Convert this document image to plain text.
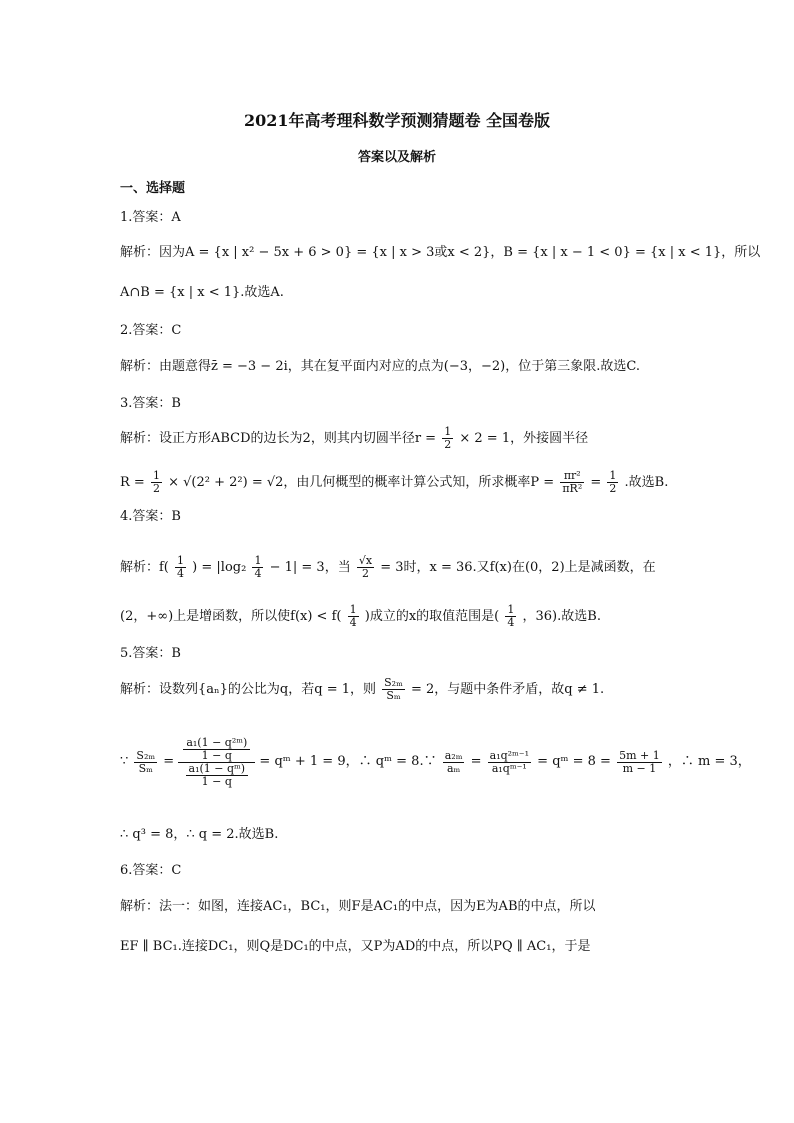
2021年高考理科数学预测猜题卷 全国卷版
答案以及解析
一、选择题
1.答案：A
解析：因为A = {x | x² − 5x + 6 > 0} = {x | x > 3或x < 2}，B = {x | x − 1 < 0} = {x | x < 1}，所以
A∩B = {x | x < 1}.故选A.
2.答案：C
解析：由题意得z̄ = −3 − 2i，其在复平面内对应的点为(−3，−2)，位于第三象限.故选C.
3.答案：B
解析：设正方形ABCD的边长为2，则其内切圆半径$r = \frac{1}{2} \times 2 = 1$，外接圆半径
$R = \frac{1}{2} \times √(2^2 + 2^2) = √2$，由几何概型的概率计算公式知，所求概率$P = \frac{\text{πr²}}{\text{πR²}} = \frac{1}{2}$ .故选B.
4.答案：B
解析：$f( \frac{1}{4}$ ) = $|\log_2 \frac{1}{4} - 1| = 3$，当 $\frac{√x}{2} = 3$时，x = 36.又f(x)在(0，2)上是减函数，在
(2，+∞)上是增函数，所以使$f(x) < f( \frac{1}{4}$ )成立的x的取值范围是( $\frac{1}{4}$ ，36).故选B.
5.答案：B
解析：设数列{aₙ}的公比为q，若q = 1，则 $\frac{\text{S₂ₘ}}{\text{Sₘ}} = 2$，与题中条件矛盾，故q ≠ 1.
∵ $\frac{\text{S₂ₘ}}{\text{Sₘ}} = \frac{\frac{\text{a₁(1 − q²ᵐ)}}{1 - q}}{\frac{\text{a₁(1 − qᵐ)}}{1 - q}}$ = qᵐ + 1 = 9，∴ qᵐ = 8.∵ $\frac{\text{a₂ₘ}}{\text{aₘ}} = \frac{\text{a₁q²ᵐ⁻¹}}{\text{a₁qᵐ⁻¹}}$ = qᵐ = $8 = \frac{5m + 1}{m - 1}$ ，∴ m = 3，
∴ q³ = 8，∴ q = 2.故选B.
6.答案：C
解析：法一：如图，连接AC₁，BC₁，则F是AC₁的中点，因为E为AB的中点，所以
EF ∥ BC₁.连接DC₁，则Q是DC₁的中点，又P为AD的中点，所以PQ ∥ AC₁，于是
